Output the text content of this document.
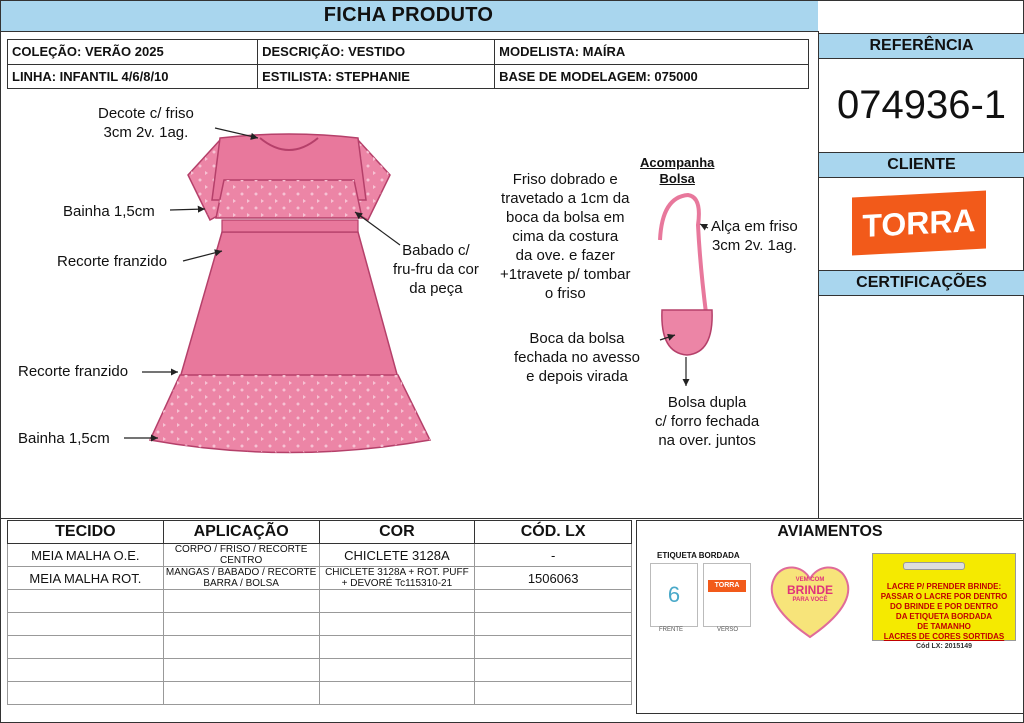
FICHA PRODUTO
COLEÇÃO: VERÃO 2025	DESCRIÇÃO: VESTIDO	MODELISTA: MAÍRA
LINHA: INFANTIL 4/6/8/10	ESTILISTA: STEPHANIE	BASE DE MODELAGEM: 075000
REFERÊNCIA
074936-1
CLIENTE
TORRA
CERTIFICAÇÕES
Decote c/ friso
3cm 2v. 1ag.
Bainha 1,5cm
Recorte franzido
Recorte franzido
Bainha 1,5cm
Babado c/
fru-fru da cor
da peça
Acompanha
Bolsa
Friso dobrado e
travetado a 1cm da
boca da bolsa em
cima da costura
da ove. e fazer
+1travete p/ tombar
o friso
Alça em friso
3cm 2v. 1ag.
Boca da bolsa
fechada no avesso
e depois virada
Bolsa dupla
c/ forro fechada
na over. juntos
TECIDO	APLICAÇÃO	COR	CÓD. LX
MEIA MALHA O.E.	CORPO / FRISO / RECORTE CENTRO	CHICLETE 3128A	-
MEIA MALHA ROT.	MANGAS / BABADO / RECORTE BARRA / BOLSA	CHICLETE 3128A + ROT. PUFF + DEVORÉ Tc115310-21	1506063

AVIAMENTOS
ETIQUETA BORDADA
6	TORRA
FRENTE	VERSO
VEM COM
BRINDE
PARA VOCÊ
LACRE P/ PRENDER BRINDE:
PASSAR O LACRE POR DENTRO
DO BRINDE E POR DENTRO
DA ETIQUETA BORDADA
DE TAMANHO
LACRES DE CORES SORTIDAS
Cód LX: 2015149
